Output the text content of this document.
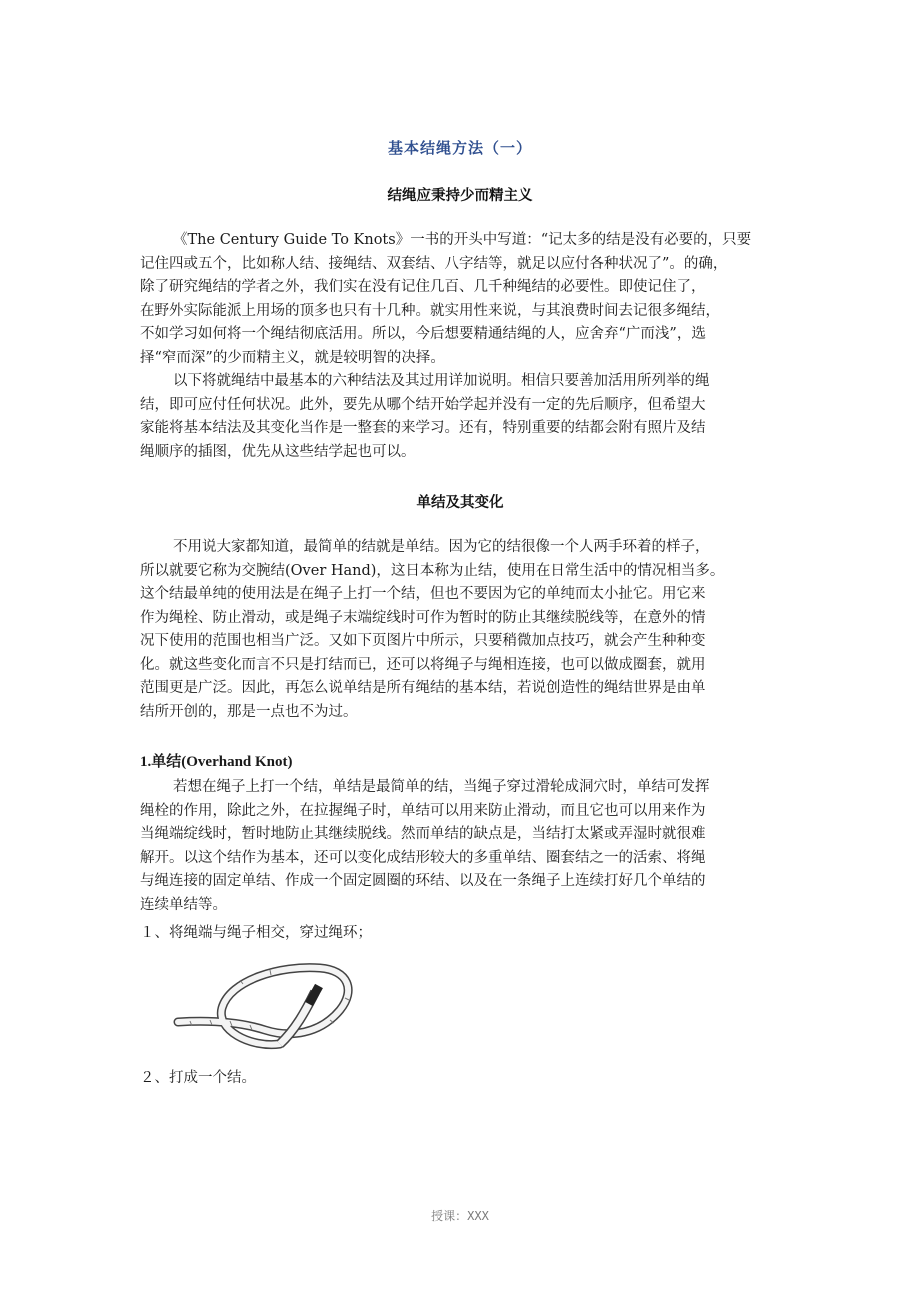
基本结绳方法（一）
结绳应秉持少而精主义
《The Century Guide To Knots》一书的开头中写道：“记太多的结是没有必要的，只要
记住四或五个，比如称人结、接绳结、双套结、八字结等，就足以应付各种状况了”。的确，
除了研究绳结的学者之外，我们实在没有记住几百、几千种绳结的必要性。即使记住了，
在野外实际能派上用场的顶多也只有十几种。就实用性来说，与其浪费时间去记很多绳结，
不如学习如何将一个绳结彻底活用。所以，今后想要精通结绳的人，应舍弃“广而浅”，选
择“窄而深”的少而精主义，就是较明智的决择。
以下将就绳结中最基本的六种结法及其过用详加说明。相信只要善加活用所列举的绳
结，即可应付任何状况。此外，要先从哪个结开始学起并没有一定的先后顺序，但希望大
家能将基本结法及其变化当作是一整套的来学习。还有，特别重要的结都会附有照片及结
绳顺序的插图，优先从这些结学起也可以。
单结及其变化
不用说大家都知道，最简单的结就是单结。因为它的结很像一个人两手环着的样子，
所以就要它称为交腕结(Over Hand)，这日本称为止结，使用在日常生活中的情况相当多。
这个结最单纯的使用法是在绳子上打一个结，但也不要因为它的单纯而太小扯它。用它来
作为绳栓、防止滑动，或是绳子末端绽线时可作为暂时的防止其继续脱线等，在意外的情
况下使用的范围也相当广泛。又如下页图片中所示，只要稍微加点技巧，就会产生种种变
化。就这些变化而言不只是打结而已，还可以将绳子与绳相连接，也可以做成圈套，就用
范围更是广泛。因此，再怎么说单结是所有绳结的基本结，若说创造性的绳结世界是由单
结所开创的，那是一点也不为过。
1.单结(Overhand Knot)
若想在绳子上打一个结，单结是最简单的结，当绳子穿过滑轮成洞穴时，单结可发挥
绳栓的作用，除此之外，在拉握绳子时，单结可以用来防止滑动，而且它也可以用来作为
当绳端绽线时，暂时地防止其继续脱线。然而单结的缺点是，当结打太紧或弄湿时就很难
解开。以这个结作为基本，还可以变化成结形较大的多重单结、圈套结之一的活索、将绳
与绳连接的固定单结、作成一个固定圆圈的环结、以及在一条绳子上连续打好几个单结的
连续单结等。
１、将绳端与绳子相交，穿过绳环；
２、打成一个结。
授课：XXX
